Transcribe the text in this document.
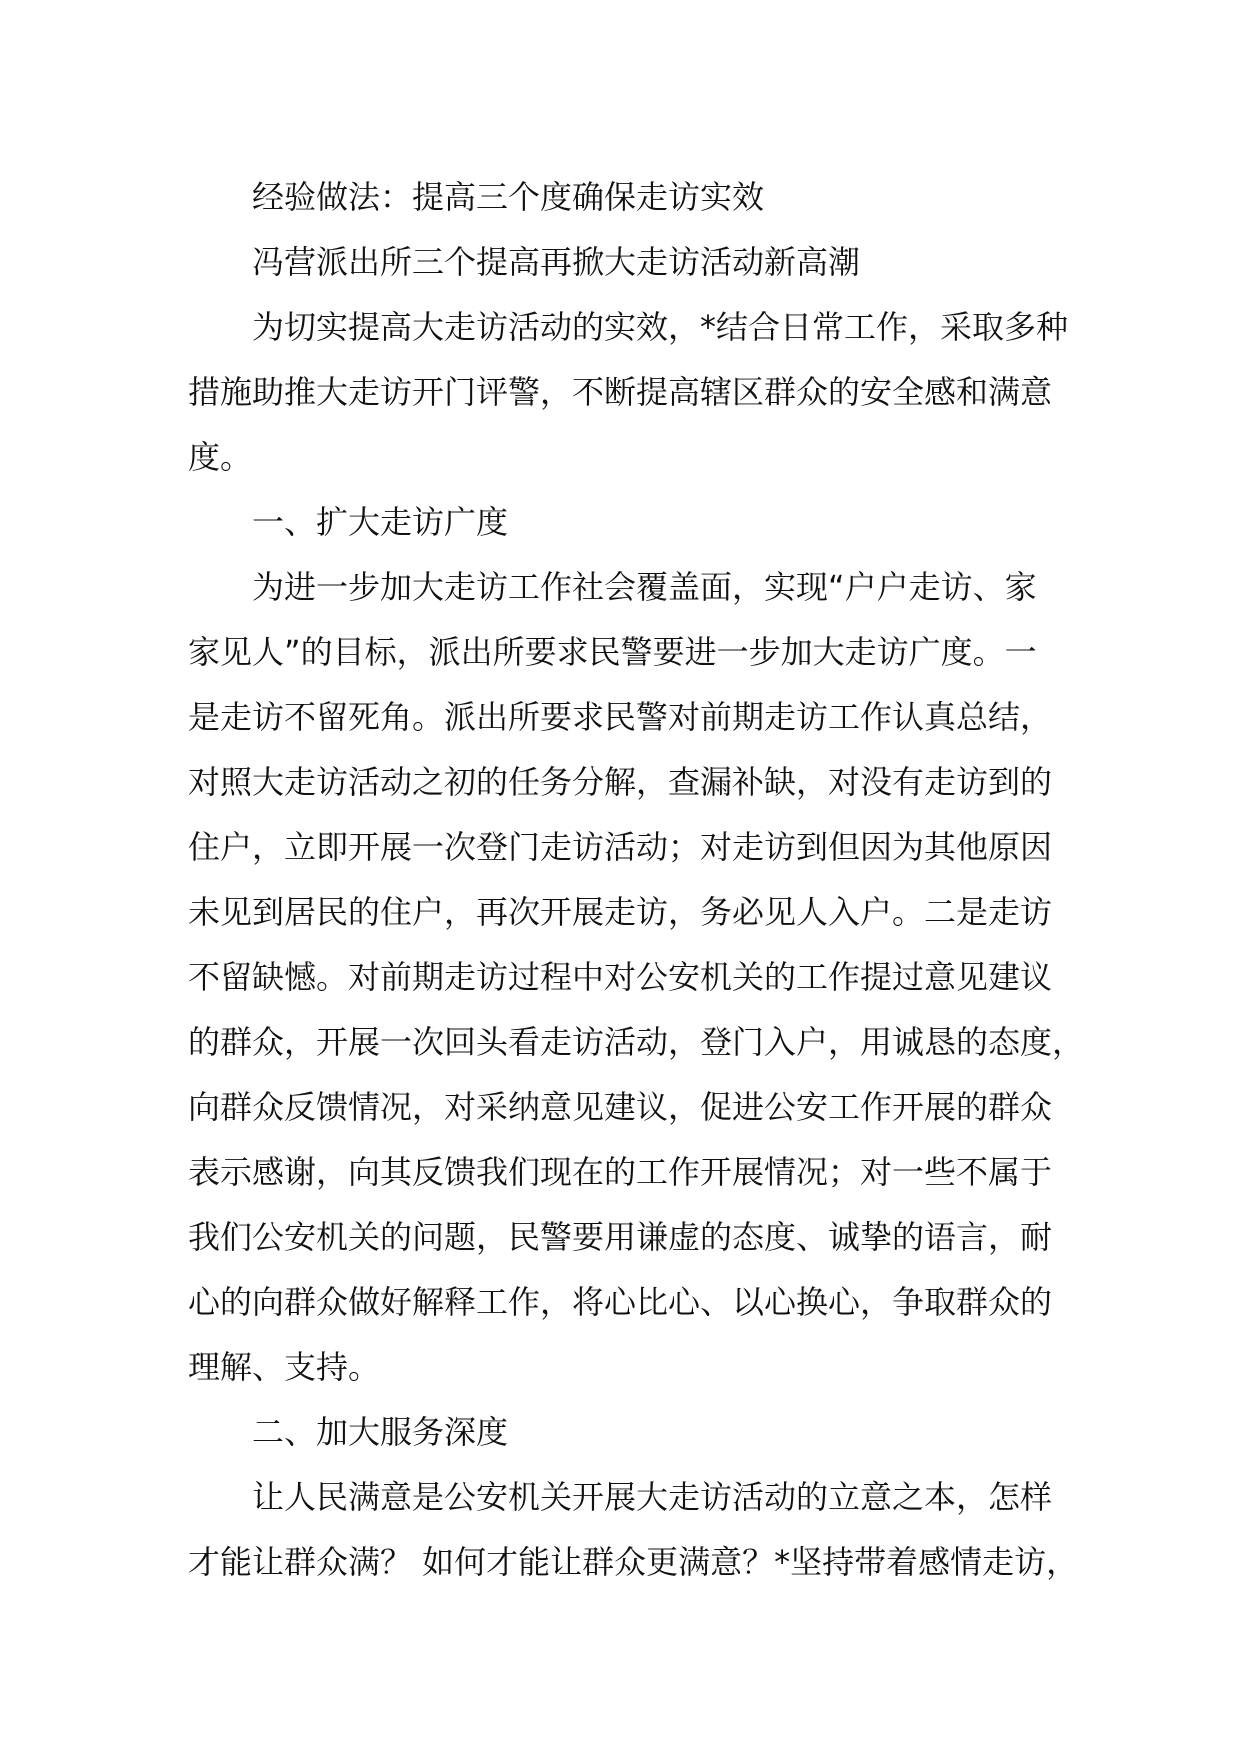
经验做法：提高三个度确保走访实效
冯营派出所三个提高再掀大走访活动新高潮
为切实提高大走访活动的实效，*结合日常工作，采取多种
措施助推大走访开门评警，不断提高辖区群众的安全感和满意
度。
一、扩大走访广度
为进一步加大走访工作社会覆盖面，实现“户户走访、家
家见人”的目标，派出所要求民警要进一步加大走访广度。一
是走访不留死角。派出所要求民警对前期走访工作认真总结，
对照大走访活动之初的任务分解，查漏补缺，对没有走访到的
住户，立即开展一次登门走访活动；对走访到但因为其他原因
未见到居民的住户，再次开展走访，务必见人入户。二是走访
不留缺憾。对前期走访过程中对公安机关的工作提过意见建议
的群众，开展一次回头看走访活动，登门入户，用诚恳的态度，
向群众反馈情况，对采纳意见建议，促进公安工作开展的群众
表示感谢，向其反馈我们现在的工作开展情况；对一些不属于
我们公安机关的问题，民警要用谦虚的态度、诚挚的语言，耐
心的向群众做好解释工作，将心比心、以心换心，争取群众的
理解、支持。
二、加大服务深度
让人民满意是公安机关开展大走访活动的立意之本，怎样
才能让群众满？ 如何才能让群众更满意？*坚持带着感情走访，
